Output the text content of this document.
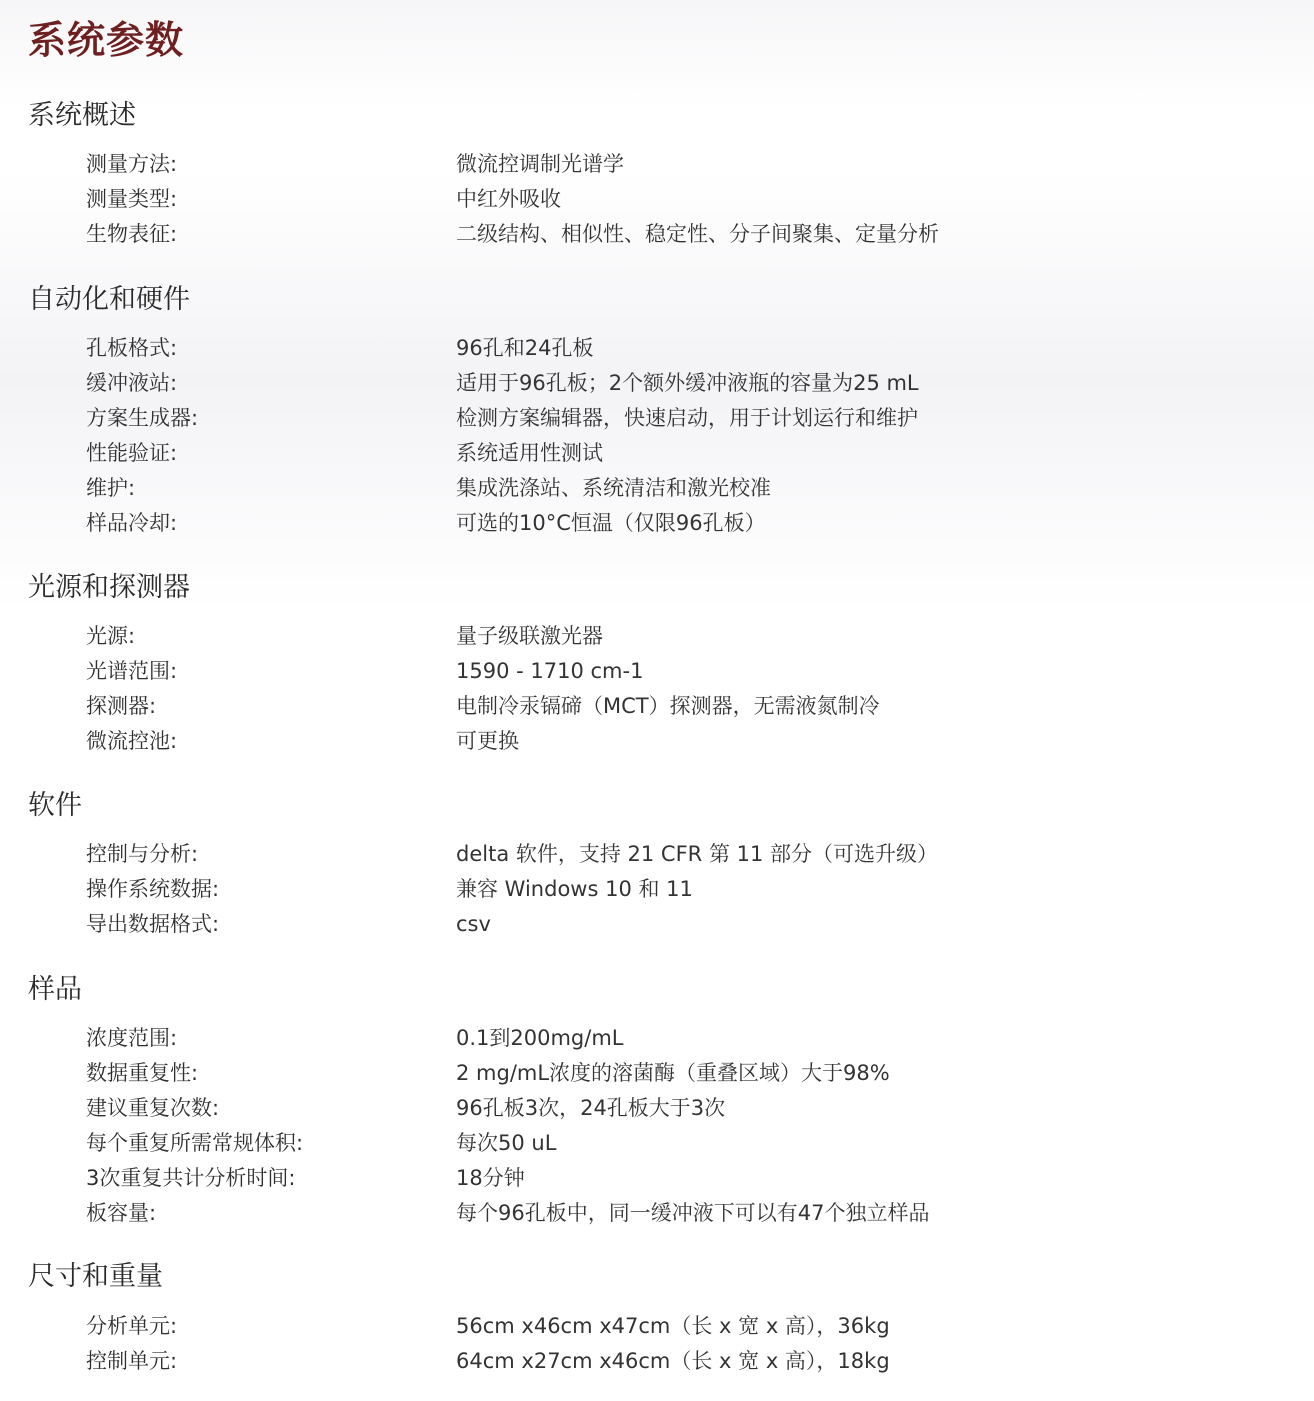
系统参数
系统概述
测量方法:	微流控调制光谱学
测量类型:	中红外吸收
生物表征:	二级结构、相似性、稳定性、分子间聚集、定量分析
自动化和硬件
孔板格式:	96孔和24孔板
缓冲液站:	适用于96孔板；2个额外缓冲液瓶的容量为25 mL
方案生成器:	检测方案编辑器，快速启动，用于计划运行和维护
性能验证:	系统适用性测试
维护:	集成洗涤站、系统清洁和激光校准
样品冷却:	可选的10°C恒温（仅限96孔板）
光源和探测器
光源:	量子级联激光器
光谱范围:	1590 - 1710 cm-1
探测器:	电制冷汞镉碲（MCT）探测器，无需液氮制冷
微流控池:	可更换
软件
控制与分析:	delta 软件，支持 21 CFR 第 11 部分（可选升级）
操作系统数据:	兼容 Windows 10 和 11
导出数据格式:	csv
样品
浓度范围:	0.1到200mg/mL
数据重复性:	2 mg/mL浓度的溶菌酶（重叠区域）大于98%
建议重复次数:	96孔板3次，24孔板大于3次
每个重复所需常规体积:	每次50 uL
3次重复共计分析时间:	18分钟
板容量:	每个96孔板中，同一缓冲液下可以有47个独立样品
尺寸和重量
分析单元:	56cm x46cm x47cm（长 x 宽 x 高），36kg
控制单元:	64cm x27cm x46cm（长 x 宽 x 高），18kg
